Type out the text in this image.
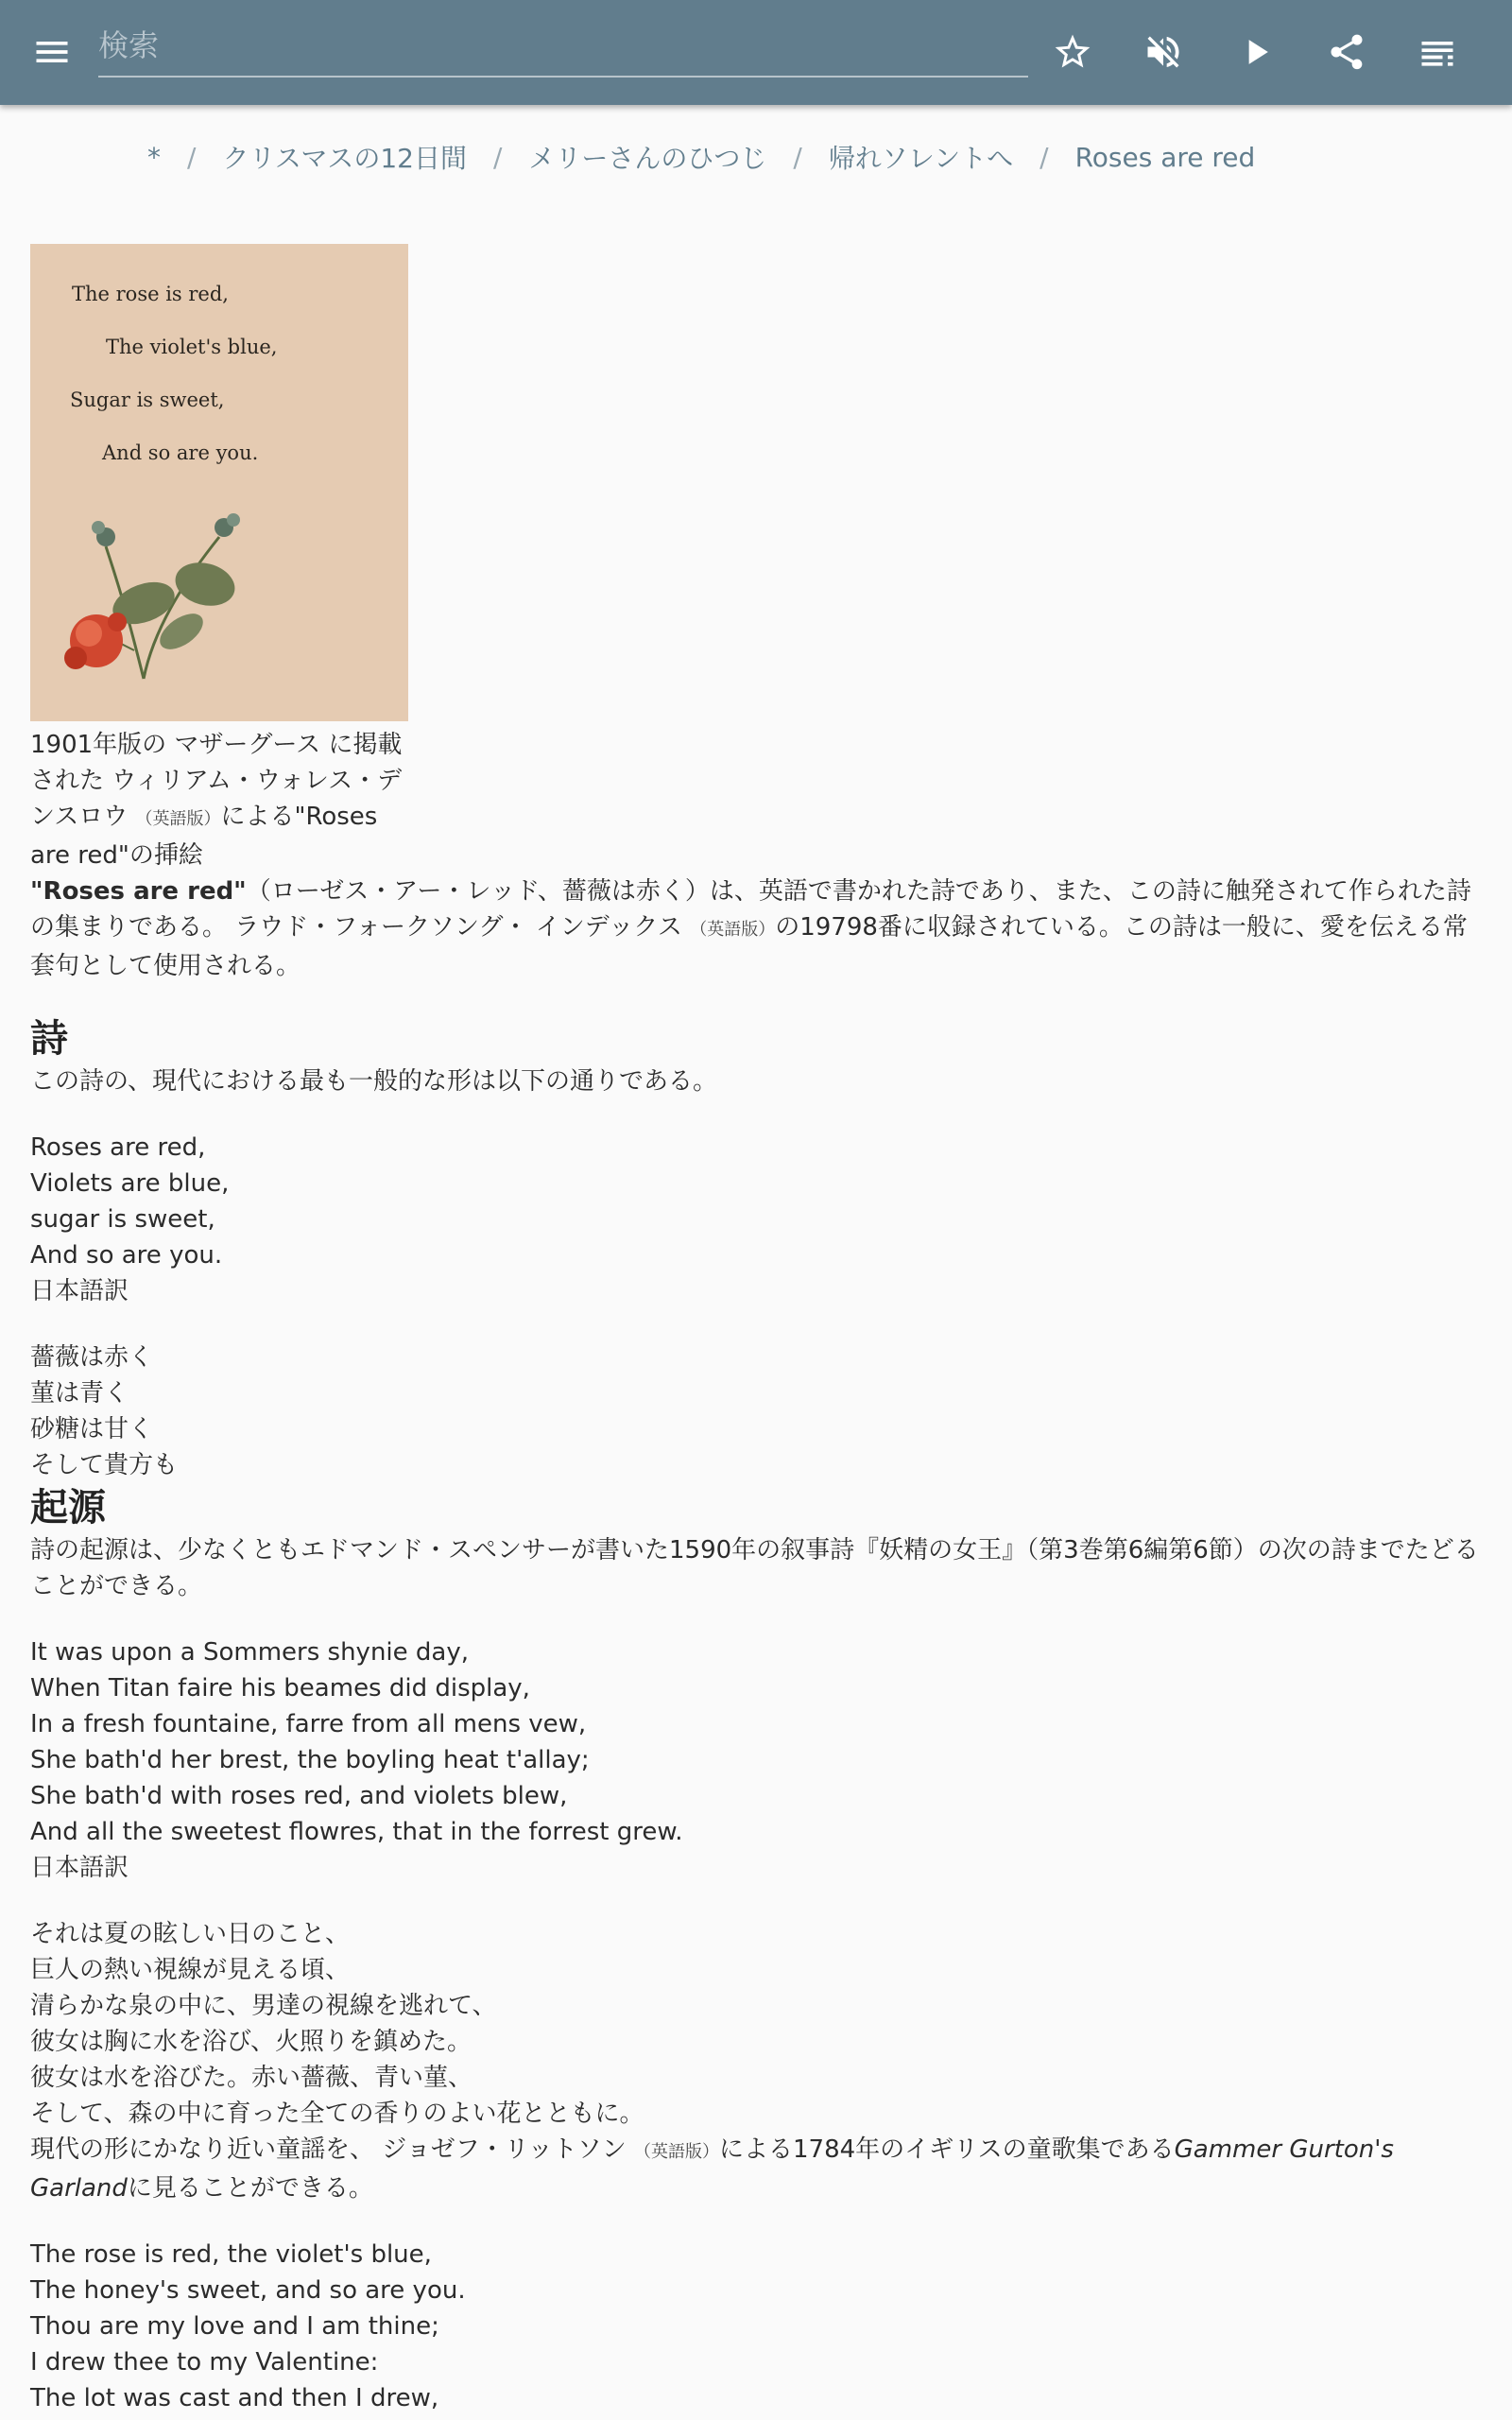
検索
* / クリスマスの12日間 / メリーさんのひつじ / 帰れソレントへ / Roses are red
The rose is red,
The violet's blue,
Sugar is sweet,
And so are you.
1901年版の マザーグース に掲載された ウィリアム・ウォレス・デンスロウ （英語版）による"Roses are red"の挿絵

"Roses are red"（ローゼス・アー・レッド、薔薇は赤く）は、英語で書かれた詩であり、また、この詩に触発されて作られた詩の集まりである。 ラウド・フォークソング・ インデックス （英語版）の19798番に収録されている。この詩は一般に、愛を伝える常套句として使用される。

詩

この詩の、現代における最も一般的な形は以下の通りである。

Roses are red,
Violets are blue,
sugar is sweet,
And so are you.
日本語訳
薔薇は赤く
菫は青く
砂糖は甘く
そして貴方も
起源

詩の起源は、少なくともエドマンド・スペンサーが書いた1590年の叙事詩『妖精の女王』（第3巻第6編第6節）の次の詩までたどることができる。

It was upon a Sommers shynie day,
When Titan faire his beames did display,
In a fresh fountaine, farre from all mens vew,
She bath'd her brest, the boyling heat t'allay;
She bath'd with roses red, and violets blew,
And all the sweetest flowres, that in the forrest grew.
日本語訳
それは夏の眩しい日のこと、
巨人の熱い視線が見える頃、
清らかな泉の中に、男達の視線を逃れて、
彼女は胸に水を浴び、火照りを鎮めた。
彼女は水を浴びた。赤い薔薇、青い菫、
そして、森の中に育った全ての香りのよい花とともに。

現代の形にかなり近い童謡を、 ジョゼフ・リットソン （英語版）による1784年のイギリスの童歌集であるGammer Gurton's Garlandに見ることができる。

The rose is red, the violet's blue,
The honey's sweet, and so are you.
Thou are my love and I am thine;
I drew thee to my Valentine:
The lot was cast and then I drew,
